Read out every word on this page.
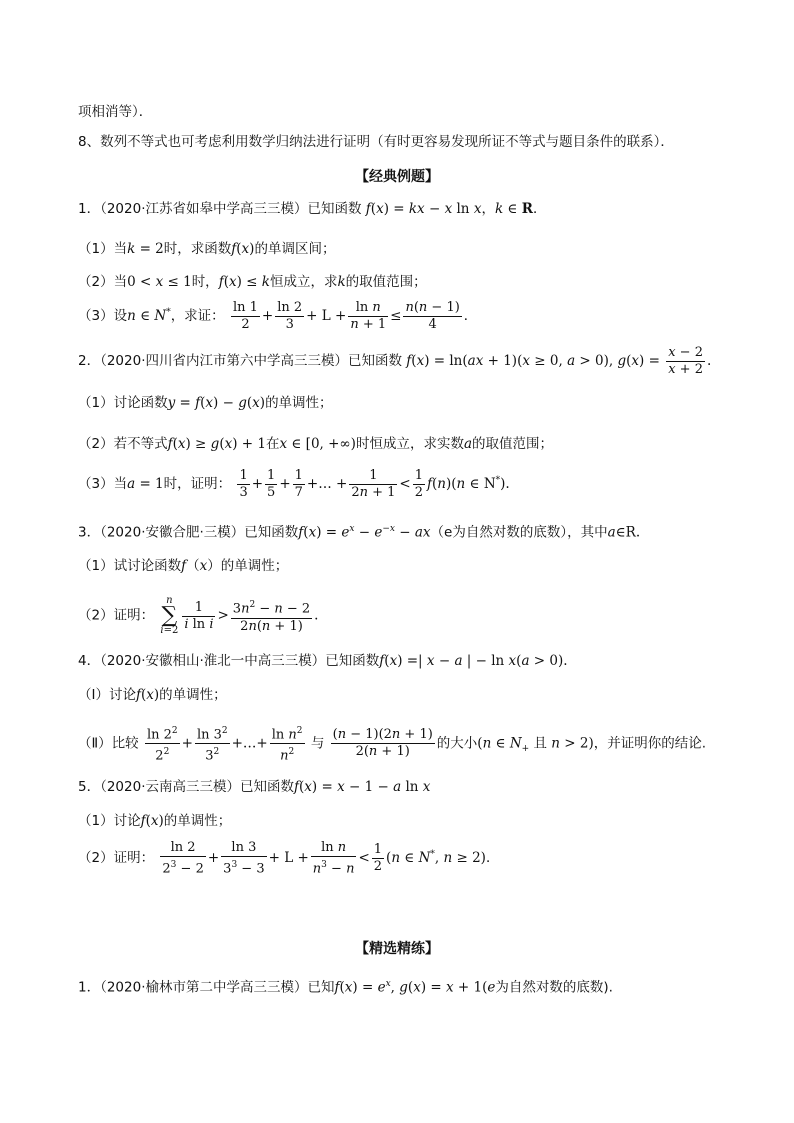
项相消等）．
8、数列不等式也可考虑利用数学归纳法进行证明（有时更容易发现所证不等式与题目条件的联系）．
【经典例题】
1．（2020·江苏省如皋中学高三三模）已知函数 f(x) = kx − x ln x，k ∈ R．
（1）当k = 2时，求函数f(x)的单调区间；
（2）当0 < x ≤ 1时，f(x) ≤ k恒成立，求k的取值范围；
（3）设n ∈ N*，求证： $\frac{\ln 1}{2} + \frac{\ln 2}{3} + L + \frac{\text{ln n}}{n + 1} \le \frac{n(n - 1)}{4}$ ．
2．（2020·四川省内江市第六中学高三三模）已知函数 f(x) = ln(ax + 1)(x ≥ 0, a > 0), $g(x) = \frac{x - 2}{x + 2}$ .
（1）讨论函数y = f(x) − g(x)的单调性；
（2）若不等式f(x) ≥ g(x) + 1在x ∈ [0, +∞)时恒成立，求实数a的取值范围；
（3）当a = 1时，证明： $\frac{1}{3} + \frac{1}{5} + \frac{1}{7}$ +… + $\frac{1}{2n + 1} < \frac{1}{2} f(n)(n$ ∈ N*).
3．（2020·安徽合肥·三模）已知函数$f(x) = e^x - e^{-x} - ax(e$为自然对数的底数），其中a∈R.
（1）试讨论函数f（x）的单调性；
（2）证明：
n
∑
$i=2 \frac{1}{\text{i ln i}} > \frac{3n^2 - n - 2}{2n(n + 1)}$ .
4．（2020·安徽相山·淮北一中高三三模）已知函数f(x) =| x − a | − ln x(a > 0).
（Ⅰ）讨论f(x)的单调性；
（Ⅱ）比较 $\frac{\ln 2^2}{2^2} + \frac{\ln 3^2}{3^2}$ +…+ $\frac{\ln n^2}{n^2}$ 与 $\frac{(n - 1)(2n + 1)}{2(n + 1)}$ 的大小(n ∈ $N_+$ 且 n > 2)，并证明你的结论.
5．（2020·云南高三三模）已知函数f(x) = x − 1 − a ln x
（1）讨论f(x)的单调性；
（2）证明： $\frac{\ln 2}{2^3 - 2} + \frac{\ln 3}{3^3 - 3} + L + \frac{\text{ln n}}{n^3 - n} < \frac{1}{2} (n$ ∈ N*, n ≥ 2)．
【精选精练】
1．（2020·榆林市第二中学高三三模）已知$f(x) = e^x$, g(x) = x + 1(e为自然对数的底数).
